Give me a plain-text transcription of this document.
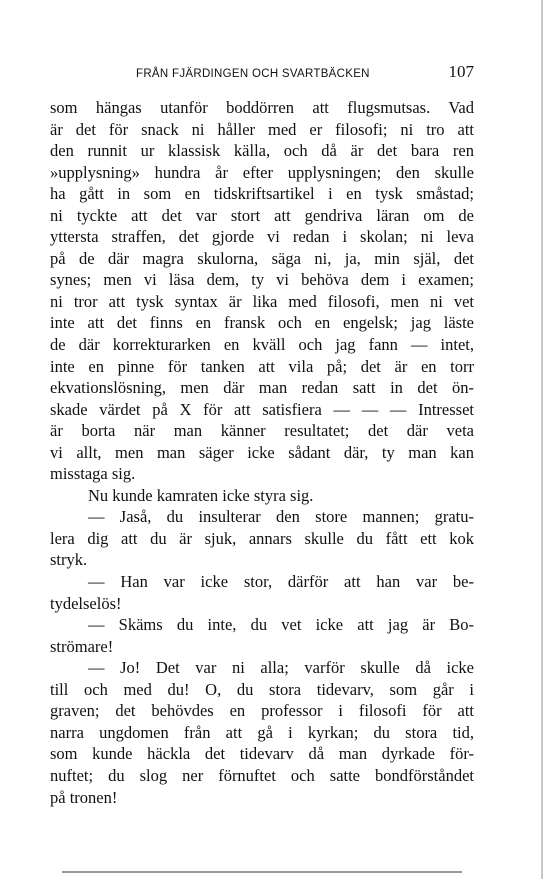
FRÅN FJÄRDINGEN OCH SVARTBÄCKEN	107
som hängas utanför boddörren att flugsmutsas. Vad
är det för snack ni håller med er filosofi; ni tro att
den runnit ur klassisk källa, och då är det bara ren
»upplysning» hundra år efter upplysningen; den skulle
ha gått in som en tidskriftsartikel i en tysk småstad;
ni tyckte att det var stort att gendriva läran om de
yttersta straffen, det gjorde vi redan i skolan; ni leva
på de där magra skulorna, säga ni, ja, min själ, det
synes; men vi läsa dem, ty vi behöva dem i examen;
ni tror att tysk syntax är lika med filosofi, men ni vet
inte att det finns en fransk och en engelsk; jag läste
de där korrekturarken en kväll och jag fann — intet,
inte en pinne för tanken att vila på; det är en torr
ekvationslösning, men där man redan satt in det ön-
skade värdet på X för att satisfiera — — — Intresset
är borta när man känner resultatet; det där veta
vi allt, men man säger icke sådant där, ty man kan
misstaga sig.
Nu kunde kamraten icke styra sig.
— Jaså, du insulterar den store mannen; gratu-
lera dig att du är sjuk, annars skulle du fått ett kok
stryk.
— Han var icke stor, därför att han var be-
tydelselös!
— Skäms du inte, du vet icke att jag är Bo-
strömare!
— Jo! Det var ni alla; varför skulle då icke
till och med du! O, du stora tidevarv, som går i
graven; det behövdes en professor i filosofi för att
narra ungdomen från att gå i kyrkan; du stora tid,
som kunde häckla det tidevarv då man dyrkade för-
nuftet; du slog ner förnuftet och satte bondförståndet
på tronen!
